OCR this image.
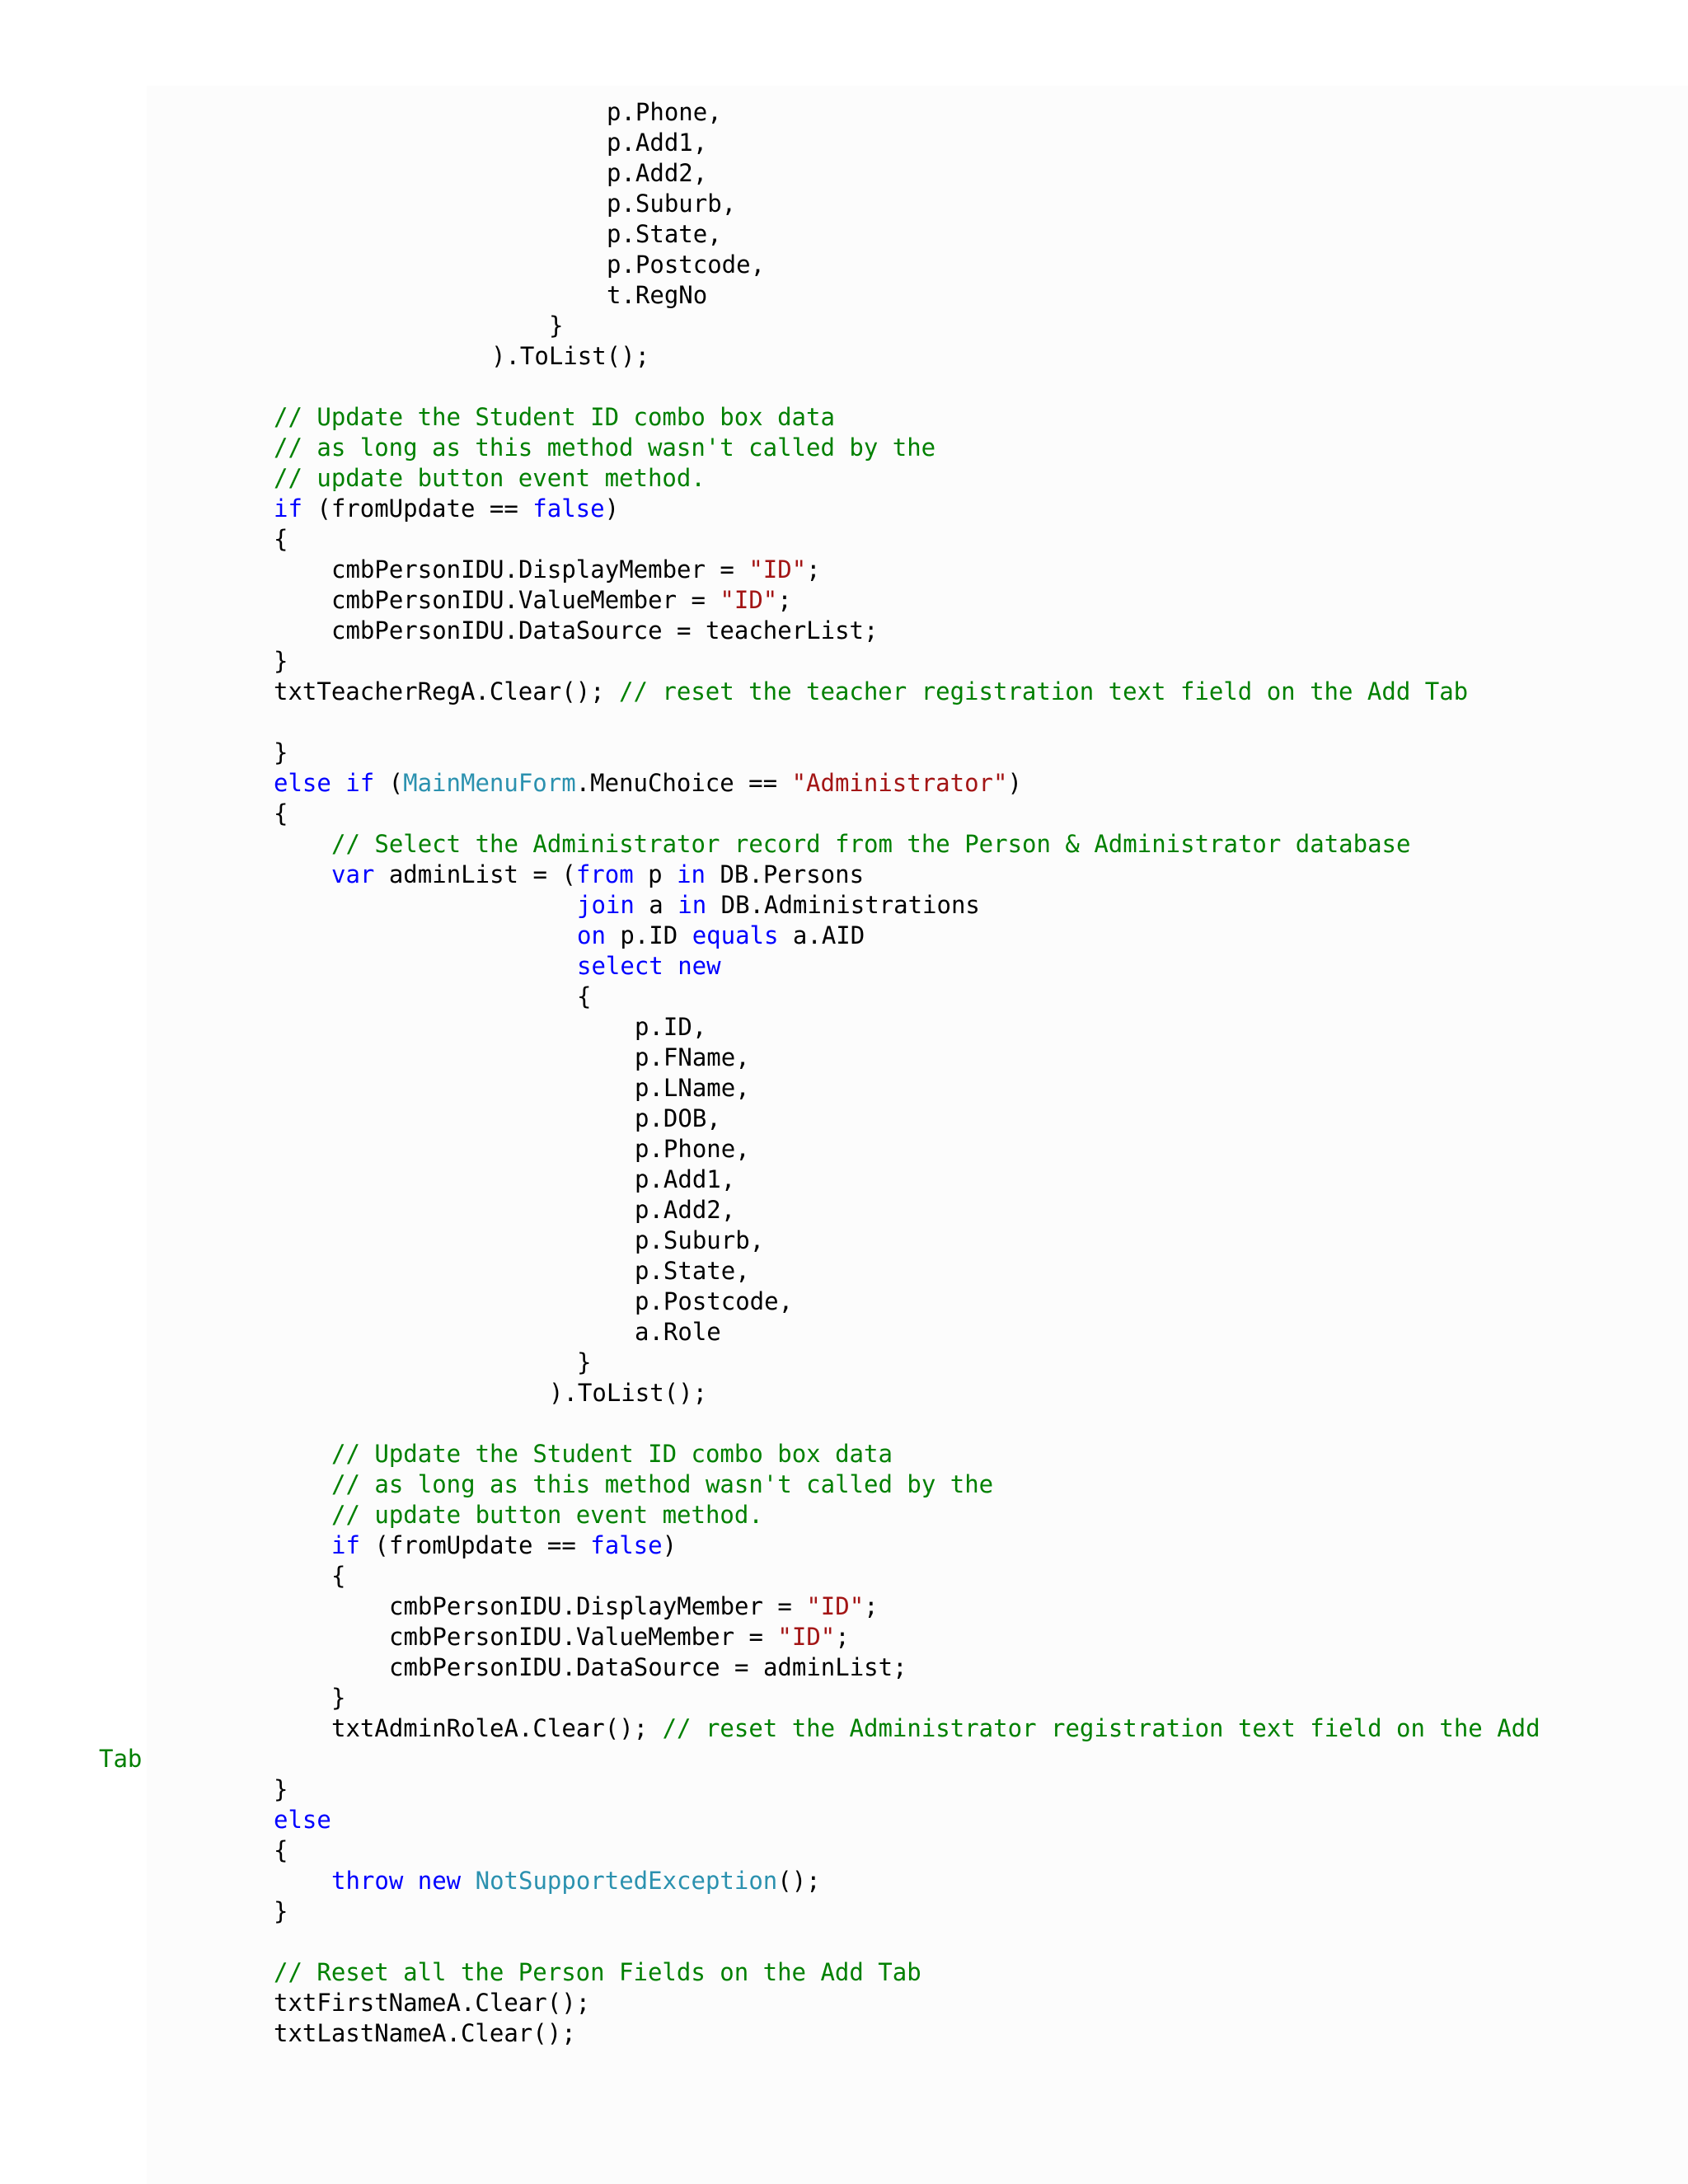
p.Phone,
p.Add1,
p.Add2,
p.Suburb,
p.State,
p.Postcode,
t.RegNo
}
).ToList();
// Update the Student ID combo box data
// as long as this method wasn't called by the
// update button event method.
if (fromUpdate == false)
{
cmbPersonIDU.DisplayMember = "ID";
cmbPersonIDU.ValueMember = "ID";
cmbPersonIDU.DataSource = teacherList;
}
txtTeacherRegA.Clear(); // reset the teacher registration text field on the Add Tab
}
else if (MainMenuForm.MenuChoice == "Administrator")
{
// Select the Administrator record from the Person & Administrator database
var adminList = (from p in DB.Persons
join a in DB.Administrations
on p.ID equals a.AID
select new
{
p.ID,
p.FName,
p.LName,
p.DOB,
p.Phone,
p.Add1,
p.Add2,
p.Suburb,
p.State,
p.Postcode,
a.Role
}
).ToList();
// Update the Student ID combo box data
// as long as this method wasn't called by the
// update button event method.
if (fromUpdate == false)
{
cmbPersonIDU.DisplayMember = "ID";
cmbPersonIDU.ValueMember = "ID";
cmbPersonIDU.DataSource = adminList;
}
txtAdminRoleA.Clear(); // reset the Administrator registration text field on the Add
Tab
}
else
{
throw new NotSupportedException();
}
// Reset all the Person Fields on the Add Tab
txtFirstNameA.Clear();
txtLastNameA.Clear();
